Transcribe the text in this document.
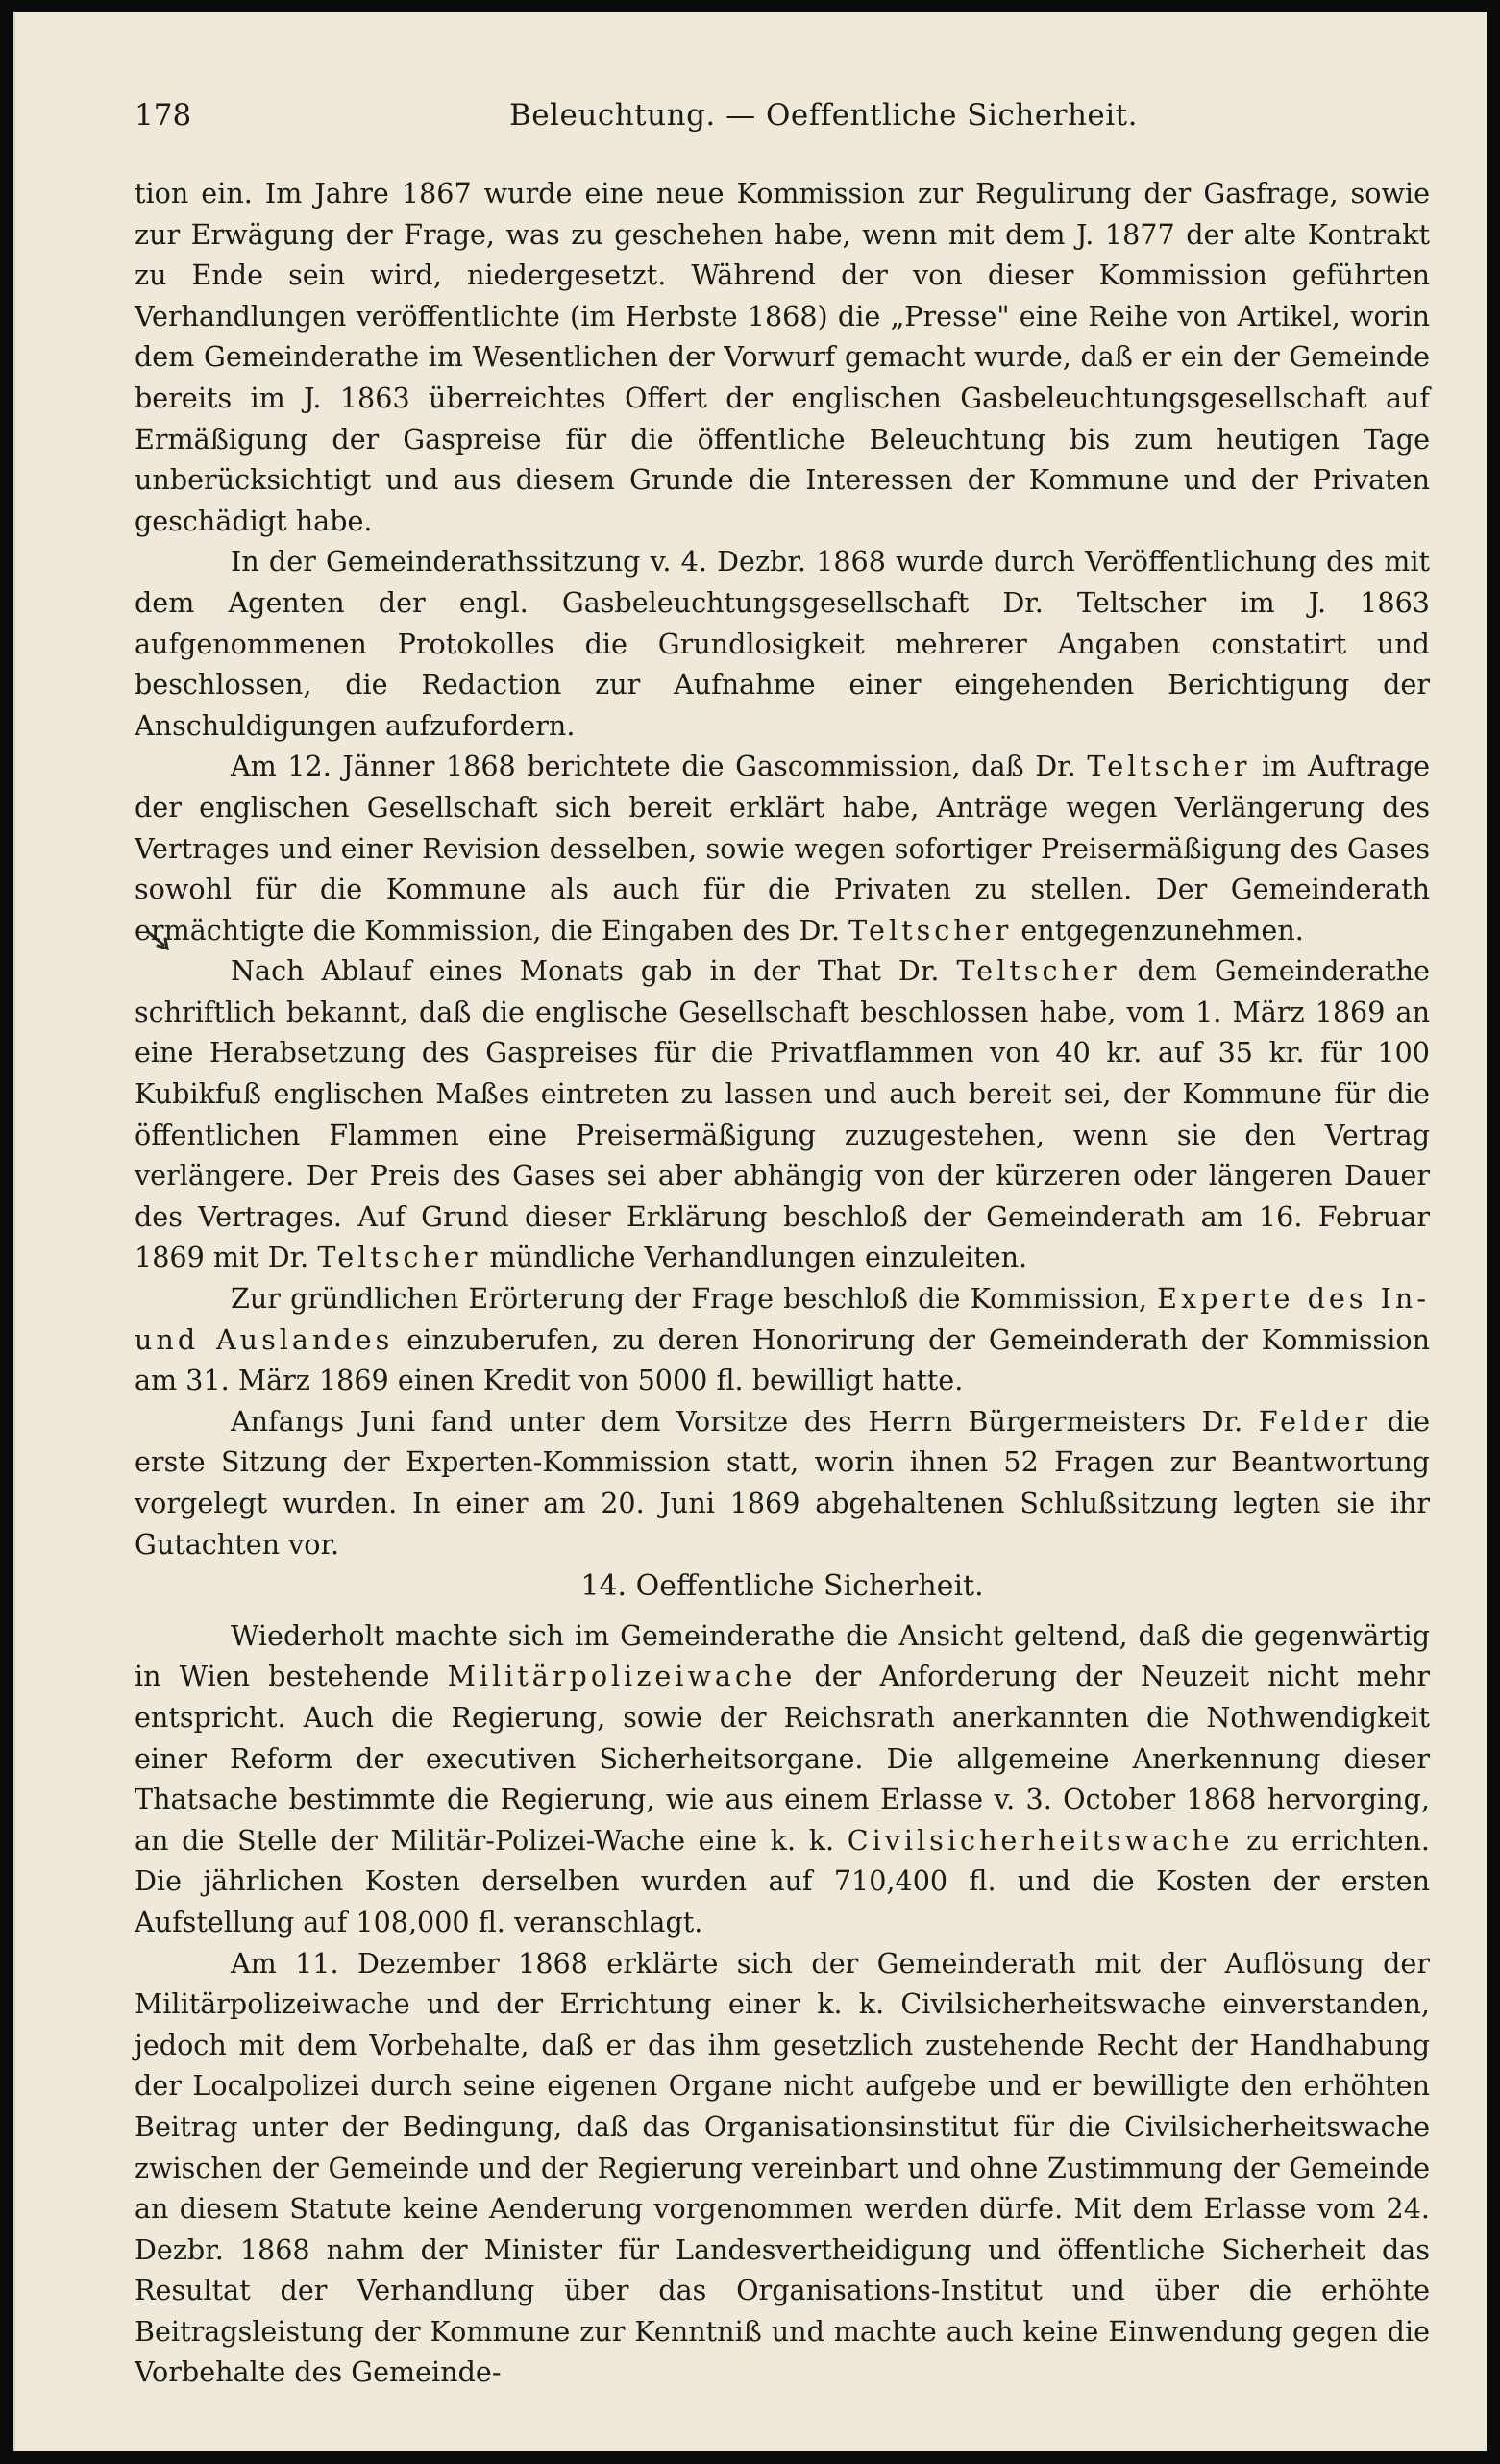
178	Beleuchtung. — Oeffentliche Sicherheit.

tion ein. Im Jahre 1867 wurde eine neue Kommission zur Regulirung der Gasfrage, sowie zur Erwägung der Frage, was zu geschehen habe, wenn mit dem J. 1877 der alte Kontrakt zu Ende sein wird, niedergesetzt. Während der von dieser Kommission geführten Verhandlungen veröffentlichte (im Herbste 1868) die „Presse" eine Reihe von Artikel, worin dem Gemeinderathe im Wesentlichen der Vorwurf gemacht wurde, daß er ein der Gemeinde bereits im J. 1863 überreichtes Offert der englischen Gasbeleuchtungsgesellschaft auf Ermäßigung der Gaspreise für die öffentliche Beleuchtung bis zum heutigen Tage unberücksichtigt und aus diesem Grunde die Interessen der Kommune und der Privaten geschädigt habe.

In der Gemeinderathssitzung v. 4. Dezbr. 1868 wurde durch Veröffentlichung des mit dem Agenten der engl. Gasbeleuchtungsgesellschaft Dr. Teltscher im J. 1863 aufgenommenen Protokolles die Grundlosigkeit mehrerer Angaben constatirt und beschlossen, die Redaction zur Aufnahme einer eingehenden Berichtigung der Anschuldigungen aufzufordern.

Am 12. Jänner 1868 berichtete die Gascommission, daß Dr. Teltscher im Auftrage der englischen Gesellschaft sich bereit erklärt habe, Anträge wegen Verlängerung des Vertrages und einer Revision desselben, sowie wegen sofortiger Preisermäßigung des Gases sowohl für die Kommune als auch für die Privaten zu stellen. Der Gemeinderath ermächtigte die Kommission, die Eingaben des Dr. Teltscher entgegenzunehmen.

Nach Ablauf eines Monats gab in der That Dr. Teltscher dem Gemeinderathe schriftlich bekannt, daß die englische Gesellschaft beschlossen habe, vom 1. März 1869 an eine Herabsetzung des Gaspreises für die Privatflammen von 40 kr. auf 35 kr. für 100 Kubikfuß englischen Maßes eintreten zu lassen und auch bereit sei, der Kommune für die öffentlichen Flammen eine Preisermäßigung zuzugestehen, wenn sie den Vertrag verlängere. Der Preis des Gases sei aber abhängig von der kürzeren oder längeren Dauer des Vertrages. Auf Grund dieser Erklärung beschloß der Gemeinderath am 16. Februar 1869 mit Dr. Teltscher mündliche Verhandlungen einzuleiten.

Zur gründlichen Erörterung der Frage beschloß die Kommission, Experte des In- und Auslandes einzuberufen, zu deren Honorirung der Gemeinderath der Kommission am 31. März 1869 einen Kredit von 5000 fl. bewilligt hatte.

Anfangs Juni fand unter dem Vorsitze des Herrn Bürgermeisters Dr. Felder die erste Sitzung der Experten-Kommission statt, worin ihnen 52 Fragen zur Beantwortung vorgelegt wurden. In einer am 20. Juni 1869 abgehaltenen Schlußsitzung legten sie ihr Gutachten vor.

14. Oeffentliche Sicherheit.

Wiederholt machte sich im Gemeinderathe die Ansicht geltend, daß die gegenwärtig in Wien bestehende Militärpolizeiwache der Anforderung der Neuzeit nicht mehr entspricht. Auch die Regierung, sowie der Reichsrath anerkannten die Nothwendigkeit einer Reform der executiven Sicherheitsorgane. Die allgemeine Anerkennung dieser Thatsache bestimmte die Regierung, wie aus einem Erlasse v. 3. October 1868 hervorging, an die Stelle der Militär-Polizei-Wache eine k. k. Civilsicherheitswache zu errichten. Die jährlichen Kosten derselben wurden auf 710,400 fl. und die Kosten der ersten Aufstellung auf 108,000 fl. veranschlagt.

Am 11. Dezember 1868 erklärte sich der Gemeinderath mit der Auflösung der Militärpolizeiwache und der Errichtung einer k. k. Civilsicherheitswache einverstanden, jedoch mit dem Vorbehalte, daß er das ihm gesetzlich zustehende Recht der Handhabung der Localpolizei durch seine eigenen Organe nicht aufgebe und er bewilligte den erhöhten Beitrag unter der Bedingung, daß das Organisationsinstitut für die Civilsicherheitswache zwischen der Gemeinde und der Regierung vereinbart und ohne Zustimmung der Gemeinde an diesem Statute keine Aenderung vorgenommen werden dürfe. Mit dem Erlasse vom 24. Dezbr. 1868 nahm der Minister für Landesvertheidigung und öffentliche Sicherheit das Resultat der Verhandlung über das Organisations-Institut und über die erhöhte Beitragsleistung der Kommune zur Kenntniß und machte auch keine Einwendung gegen die Vorbehalte des Gemeinde-
